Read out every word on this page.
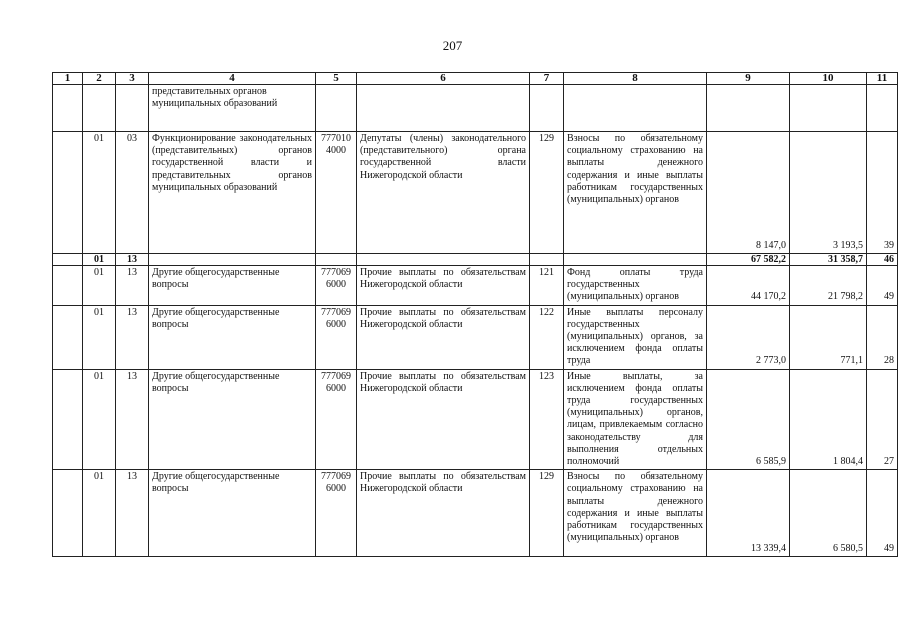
207
1	2	3	4	5	6	7	8	9	10	11
			представительных органов муниципальных образований							
	01	03	Функционирование законодательных (представительных) органов государственной власти и представительных органов муниципальных образований	7770104000	Депутаты (члены) законодательного (представительного) органа государственной власти Нижегородской области	129	Взносы по обязательному социальному страхованию на выплаты денежного содержания и иные выплаты работникам государственных (муниципальных) органов	8 147,0	3 193,5	39
	01	13						67 582,2	31 358,7	46
	01	13	Другие общегосударственные вопросы	7770696000	Прочие выплаты по обязательствам Нижегородской области	121	Фонд оплаты труда государственных (муниципальных) органов	44 170,2	21 798,2	49
	01	13	Другие общегосударственные вопросы	7770696000	Прочие выплаты по обязательствам Нижегородской области	122	Иные выплаты персоналу государственных (муниципальных) органов, за исключением фонда оплаты труда	2 773,0	771,1	28
	01	13	Другие общегосударственные вопросы	7770696000	Прочие выплаты по обязательствам Нижегородской области	123	Иные выплаты, за исключением фонда оплаты труда государственных (муниципальных) органов, лицам, привлекаемым согласно законодательству для выполнения отдельных полномочий	6 585,9	1 804,4	27
	01	13	Другие общегосударственные вопросы	7770696000	Прочие выплаты по обязательствам Нижегородской области	129	Взносы по обязательному социальному страхованию на выплаты денежного содержания и иные выплаты работникам государственных (муниципальных) органов	13 339,4	6 580,5	49
